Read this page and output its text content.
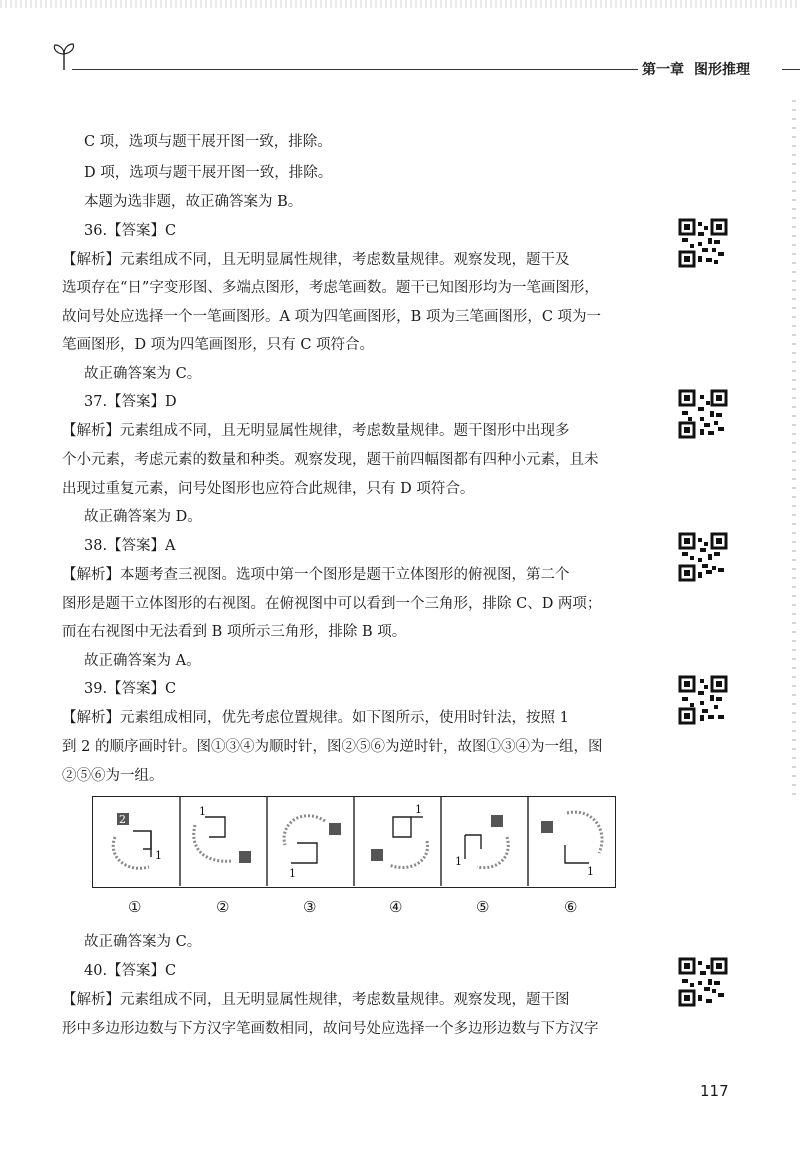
第一章 图形推理
C 项，选项与题干展开图一致，排除。
D 项，选项与题干展开图一致，排除。
本题为选非题，故正确答案为 B。
36.【答案】C
【解析】元素组成不同，且无明显属性规律，考虑数量规律。观察发现，题干及
选项存在“日”字变形图、多端点图形，考虑笔画数。题干已知图形均为一笔画图形，
故问号处应选择一个一笔画图形。A 项为四笔画图形，B 项为三笔画图形，C 项为一
笔画图形，D 项为四笔画图形，只有 C 项符合。
故正确答案为 C。
37.【答案】D
【解析】元素组成不同，且无明显属性规律，考虑数量规律。题干图形中出现多
个小元素，考虑元素的数量和种类。观察发现，题干前四幅图都有四种小元素，且未
出现过重复元素，问号处图形也应符合此规律，只有 D 项符合。
故正确答案为 D。
38.【答案】A
【解析】本题考查三视图。选项中第一个图形是题干立体图形的俯视图，第二个
图形是题干立体图形的右视图。在俯视图中可以看到一个三角形，排除 C、D 两项；
而在右视图中无法看到 B 项所示三角形，排除 B 项。
故正确答案为 A。
39.【答案】C
【解析】元素组成相同，优先考虑位置规律。如下图所示，使用时针法，按照 1
到 2 的顺序画时针。图①③④为顺时针，图②⑤⑥为逆时针，故图①③④为一组，图
②⑤⑥为一组。
1
1
1
1
1
1
2
①	②	③	④	⑤	⑥
故正确答案为 C。
40.【答案】C
【解析】元素组成不同，且无明显属性规律，考虑数量规律。观察发现，题干图
形中多边形边数与下方汉字笔画数相同，故问号处应选择一个多边形边数与下方汉字
117
